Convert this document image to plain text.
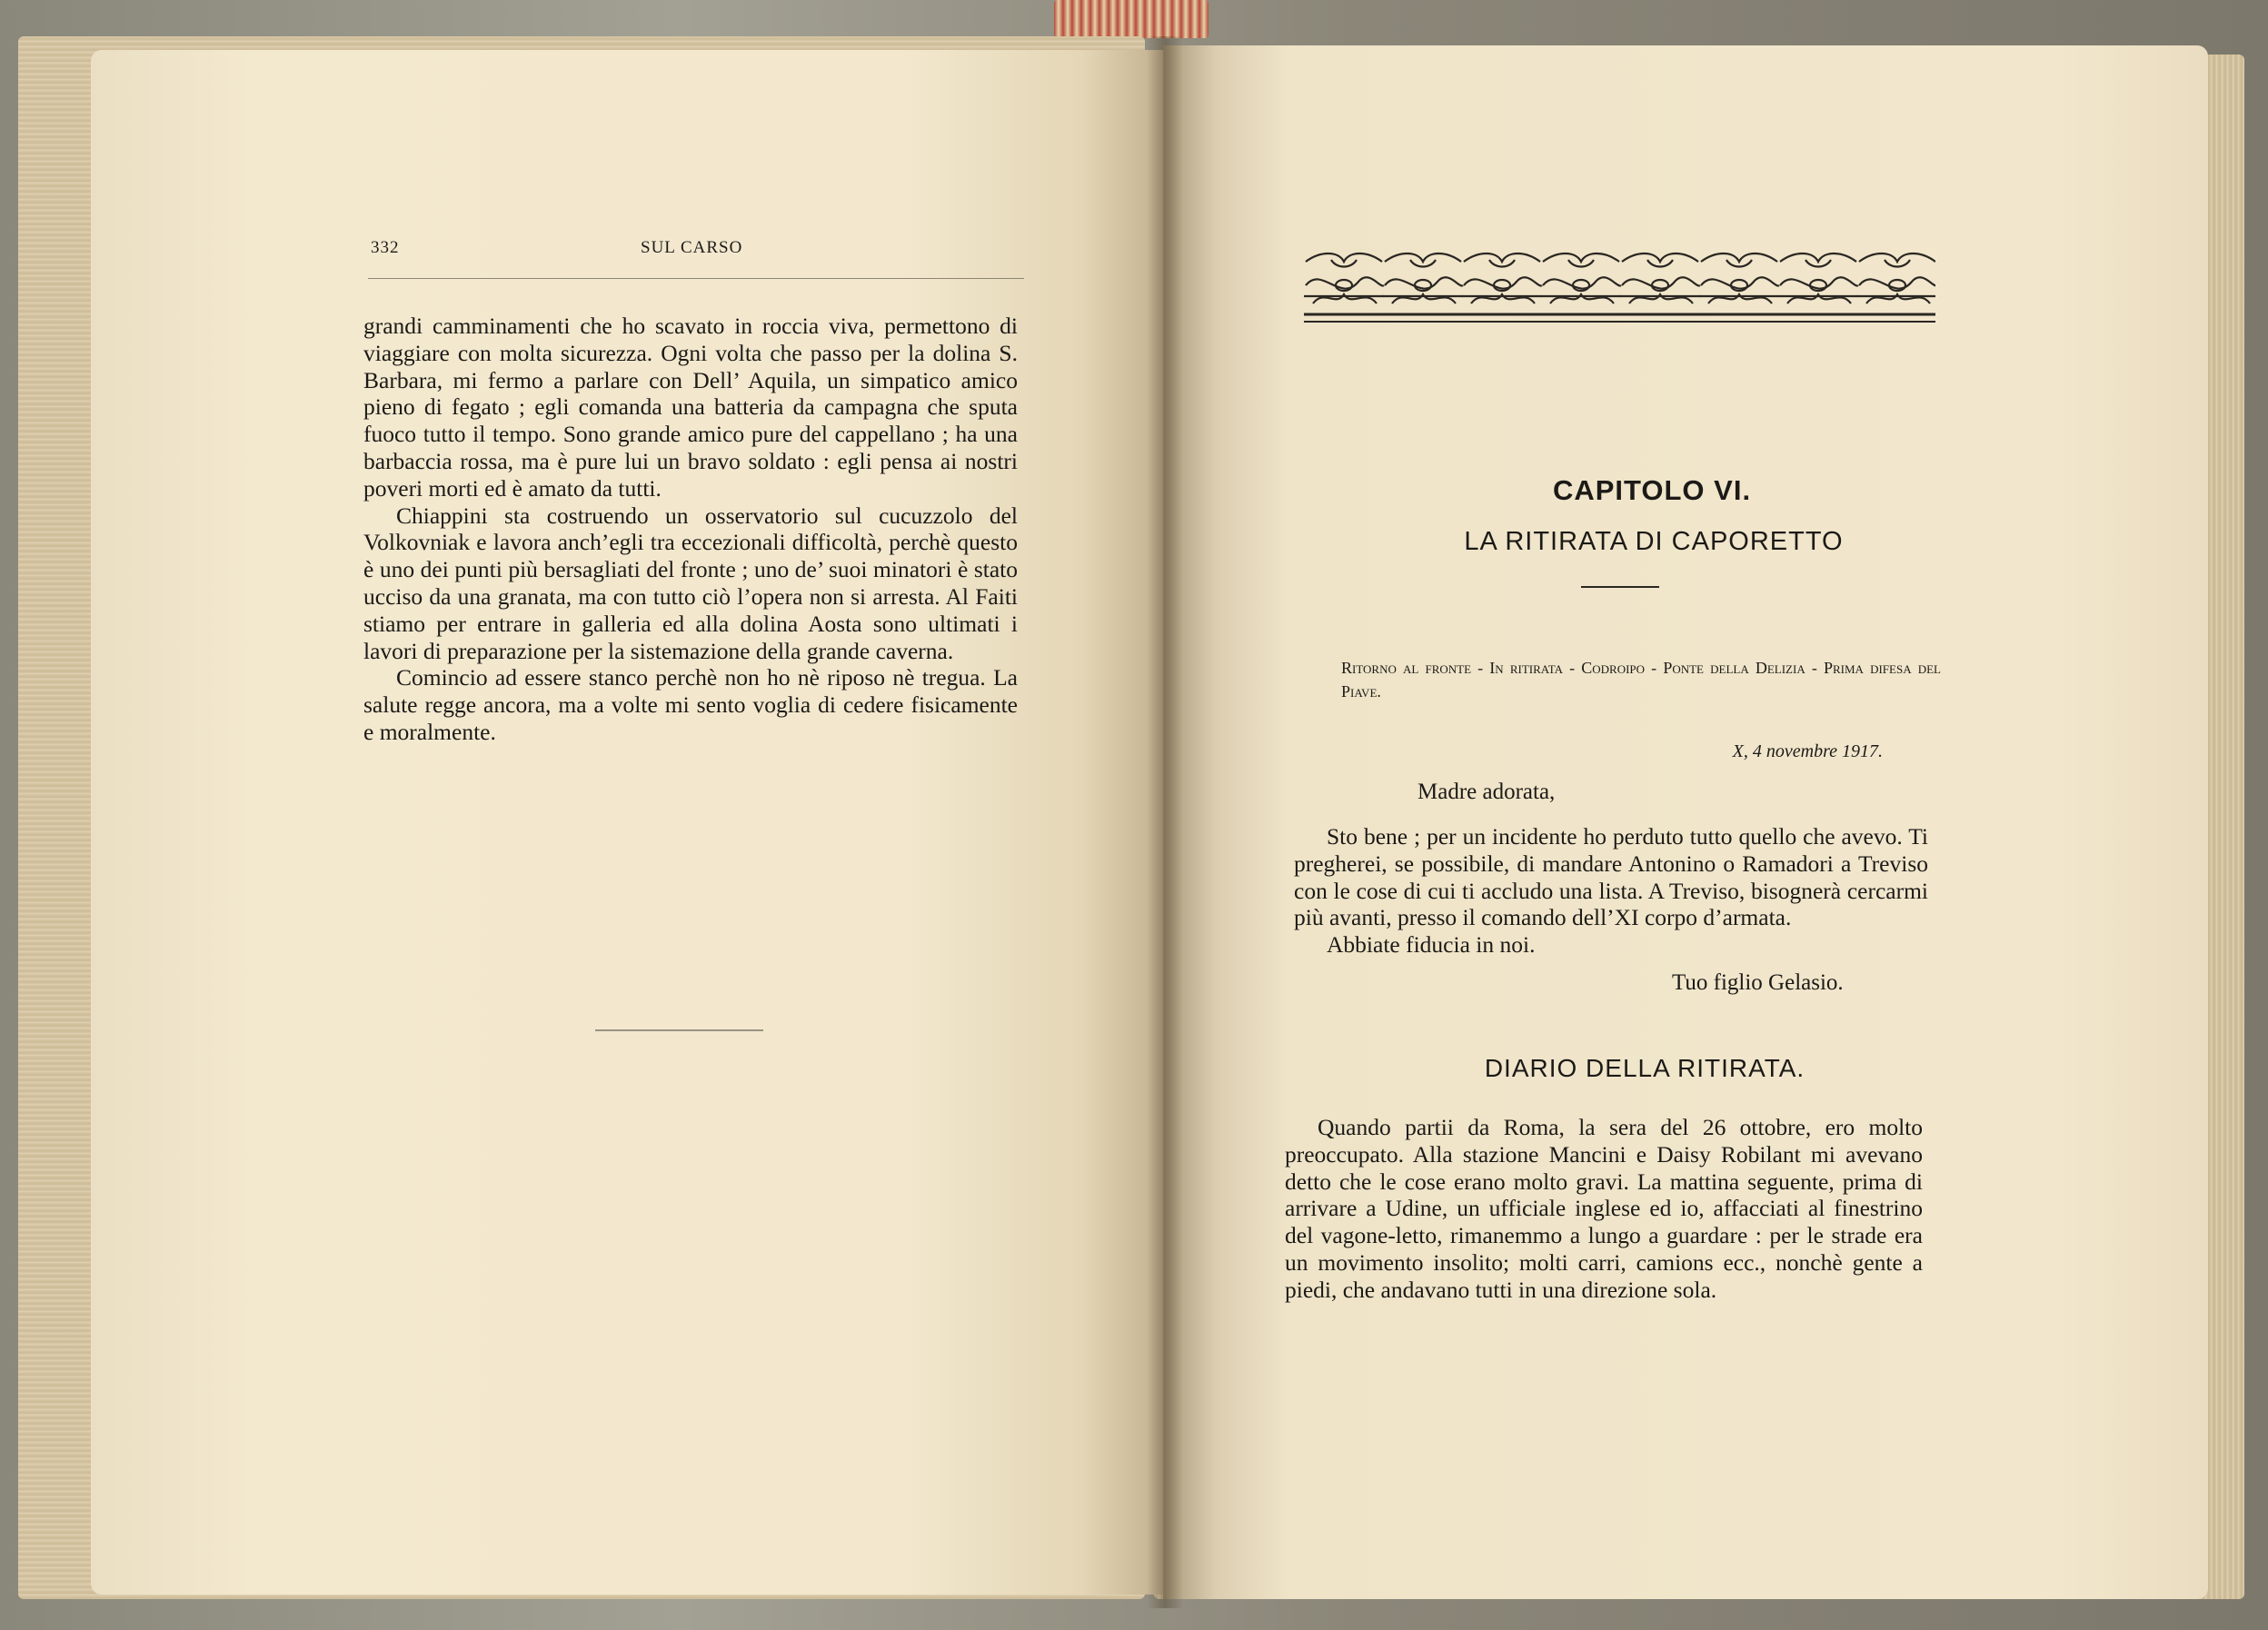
332	SUL CARSO

grandi camminamenti che ho scavato in roccia viva, permettono di viaggiare con molta sicurezza. Ogni volta che passo per la dolina S. Barbara, mi fermo a parlare con Dell’ Aquila, un simpatico amico pieno di fegato ; egli comanda una batteria da campagna che sputa fuoco tutto il tempo. Sono grande amico pure del cappellano ; ha una barbaccia rossa, ma è pure lui un bravo soldato : egli pensa ai nostri poveri morti ed è amato da tutti.

Chiappini sta costruendo un osservatorio sul cucuzzolo del Volkovniak e lavora anch’egli tra eccezionali difficoltà, perchè questo è uno dei punti più bersagliati del fronte ; uno de’ suoi minatori è stato ucciso da una granata, ma con tutto ciò l’opera non si arresta. Al Faiti stiamo per entrare in galleria ed alla dolina Aosta sono ultimati i lavori di preparazione per la sistemazione della grande caverna.

Comincio ad essere stanco perchè non ho nè riposo nè tregua. La salute regge ancora, ma a volte mi sento voglia di cedere fisicamente e moralmente.

CAPITOLO VI.
LA RITIRATA DI CAPORETTO
Ritorno al fronte - In ritirata - Codroipo - Ponte della Delizia - Prima difesa del Piave.
X, 4 novembre 1917.
Madre adorata,

Sto bene ; per un incidente ho perduto tutto quello che avevo. Ti pregherei, se possibile, di mandare Antonino o Ramadori a Treviso con le cose di cui ti accludo una lista. A Treviso, bisognerà cercarmi più avanti, presso il comando dell’XI corpo d’armata.

Abbiate fiducia in noi.

Tuo figlio Gelasio.
DIARIO DELLA RITIRATA.

Quando partii da Roma, la sera del 26 ottobre, ero molto preoccupato. Alla stazione Mancini e Daisy Robilant mi avevano detto che le cose erano molto gravi. La mattina seguente, prima di arrivare a Udine, un ufficiale inglese ed io, affacciati al finestrino del vagone-letto, rimanemmo a lungo a guardare : per le strade era un movimento insolito; molti carri, camions ecc., nonchè gente a piedi, che andavano tutti in una direzione sola.
